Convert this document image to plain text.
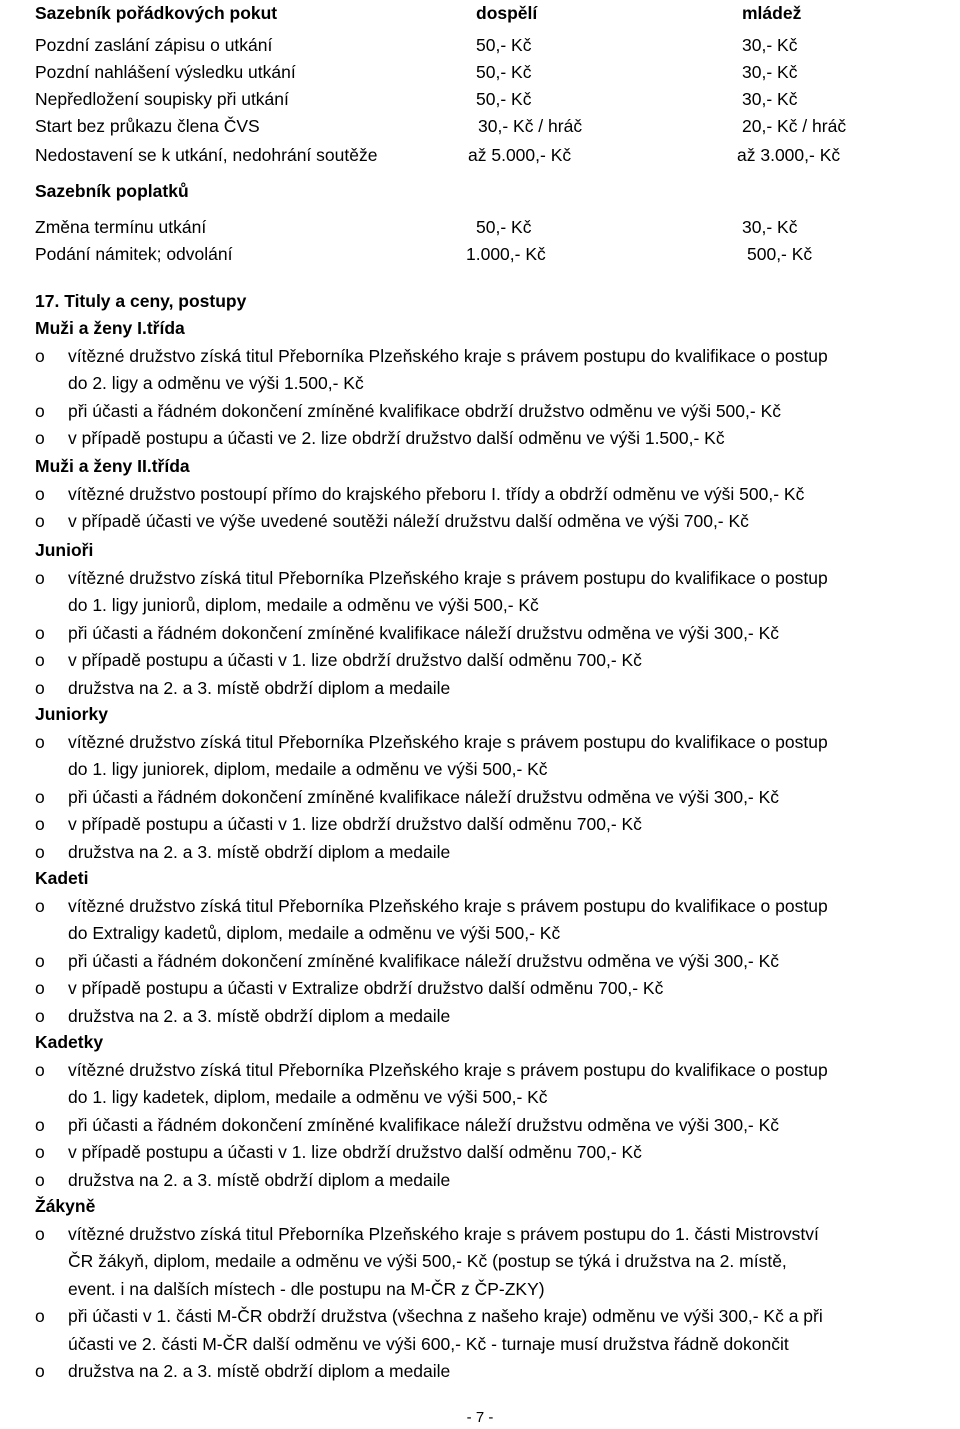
Sazebník pořádkových pokut	dospělí	mládež
Pozdní zaslání zápisu o utkání	50,- Kč	30,- Kč
Pozdní nahlášení výsledku utkání	50,- Kč	30,- Kč
Nepředložení soupisky při utkání	50,- Kč	30,- Kč
Start bez průkazu člena ČVS	30,- Kč / hráč	20,- Kč / hráč
Nedostavení se k utkání, nedohrání soutěže	až 5.000,- Kč	až 3.000,- Kč
Sazebník poplatků
Změna termínu utkání	50,- Kč	30,- Kč
Podání námitek; odvolání	1.000,- Kč	500,- Kč
17. Tituly a ceny, postupy
Muži a ženy I.třída
o vítězné družstvo získá titul Přeborníka Plzeňského kraje s právem postupu do kvalifikace o postup
do 2. ligy a odměnu ve výši 1.500,- Kč
o při účasti a řádném dokončení zmíněné kvalifikace obdrží družstvo odměnu ve výši 500,- Kč
o v případě postupu a účasti ve 2. lize obdrží družstvo další odměnu ve výši 1.500,- Kč
Muži a ženy II.třída
o vítězné družstvo postoupí přímo do krajského přeboru I. třídy a obdrží odměnu ve výši 500,- Kč
o v případě účasti ve výše uvedené soutěži náleží družstvu další odměna ve výši 700,- Kč
Junioři
o vítězné družstvo získá titul Přeborníka Plzeňského kraje s právem postupu do kvalifikace o postup
do 1. ligy juniorů, diplom, medaile a odměnu ve výši 500,- Kč
o při účasti a řádném dokončení zmíněné kvalifikace náleží družstvu odměna ve výši 300,- Kč
o v případě postupu a účasti v 1. lize obdrží družstvo další odměnu 700,- Kč
o družstva na 2. a 3. místě obdrží diplom a medaile
Juniorky
o vítězné družstvo získá titul Přeborníka Plzeňského kraje s právem postupu do kvalifikace o postup
do 1. ligy juniorek, diplom, medaile a odměnu ve výši 500,- Kč
o při účasti a řádném dokončení zmíněné kvalifikace náleží družstvu odměna ve výši 300,- Kč
o v případě postupu a účasti v 1. lize obdrží družstvo další odměnu 700,- Kč
o družstva na 2. a 3. místě obdrží diplom a medaile
Kadeti
o vítězné družstvo získá titul Přeborníka Plzeňského kraje s právem postupu do kvalifikace o postup
do Extraligy kadetů, diplom, medaile a odměnu ve výši 500,- Kč
o při účasti a řádném dokončení zmíněné kvalifikace náleží družstvu odměna ve výši 300,- Kč
o v případě postupu a účasti v Extralize obdrží družstvo další odměnu 700,- Kč
o družstva na 2. a 3. místě obdrží diplom a medaile
Kadetky
o vítězné družstvo získá titul Přeborníka Plzeňského kraje s právem postupu do kvalifikace o postup
do 1. ligy kadetek, diplom, medaile a odměnu ve výši 500,- Kč
o při účasti a řádném dokončení zmíněné kvalifikace náleží družstvu odměna ve výši 300,- Kč
o v případě postupu a účasti v 1. lize obdrží družstvo další odměnu 700,- Kč
o družstva na 2. a 3. místě obdrží diplom a medaile
Žákyně
o vítězné družstvo získá titul Přeborníka Plzeňského kraje s právem postupu do 1. části Mistrovství
ČR žákyň, diplom, medaile a odměnu ve výši 500,- Kč (postup se týká i družstva na 2. místě,
event. i na dalších místech - dle postupu na M-ČR z ČP-ZKY)
o při účasti v 1. části M-ČR obdrží družstva (všechna z našeho kraje) odměnu ve výši 300,- Kč a při
účasti ve 2. části M-ČR další odměnu ve výši 600,- Kč - turnaje musí družstva řádně dokončit
o družstva na 2. a 3. místě obdrží diplom a medaile
- 7 -
